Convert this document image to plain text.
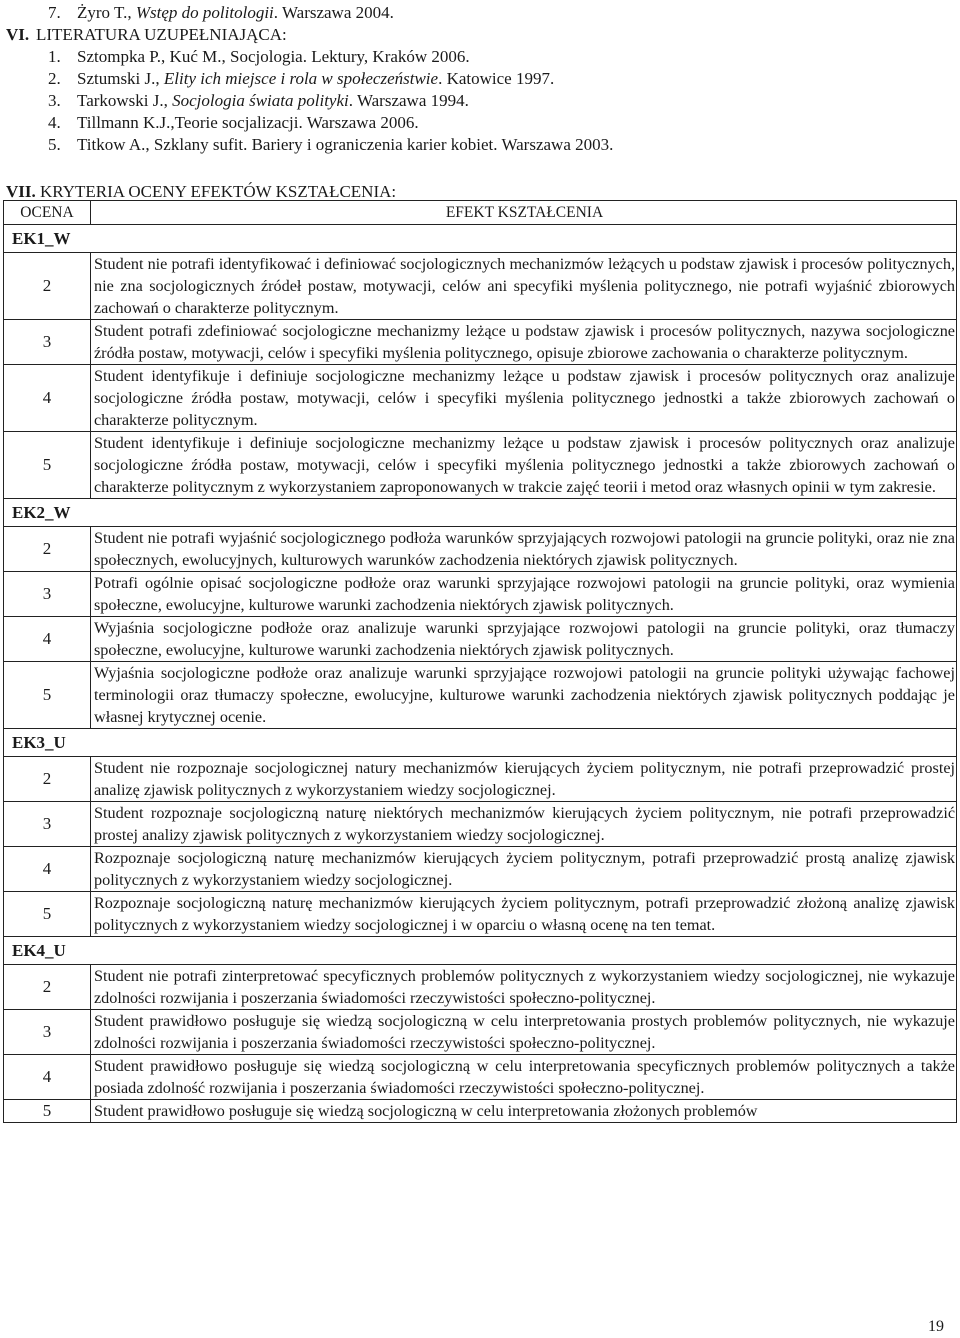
7. Żyro T., Wstęp do politologii. Warszawa 2004.
VI. LITERATURA UZUPEŁNIAJĄCA:
1. Sztompka P., Kuć M., Socjologia. Lektury, Kraków 2006.
2. Sztumski J., Elity ich miejsce i rola w społeczeństwie. Katowice 1997.
3. Tarkowski J., Socjologia świata polityki. Warszawa 1994.
4. Tillmann K.J.,Teorie socjalizacji. Warszawa 2006.
5. Titkow A., Szklany sufit. Bariery i ograniczenia karier kobiet. Warszawa 2003.
VII. KRYTERIA OCENY EFEKTÓW KSZTAŁCENIA:
OCENA	EFEKT KSZTAŁCENIA
EK1_W	
2	Student nie potrafi identyfikować i definiować socjologicznych mechanizmów leżących u podstaw zjawisk i procesów politycznych, nie zna socjologicznych źródeł postaw, motywacji, celów ani specyfiki myślenia politycznego, nie potrafi wyjaśnić zbiorowych zachowań o charakterze politycznym.
3	Student potrafi zdefiniować socjologiczne mechanizmy leżące u podstaw zjawisk i procesów politycznych, nazywa socjologiczne źródła postaw, motywacji, celów i specyfiki myślenia politycznego, opisuje zbiorowe zachowania o charakterze politycznym.
4	Student identyfikuje i definiuje socjologiczne mechanizmy leżące u podstaw zjawisk i procesów politycznych oraz analizuje socjologiczne źródła postaw, motywacji, celów i specyfiki myślenia politycznego jednostki a także zbiorowych zachowań o charakterze politycznym.
5	Student identyfikuje i definiuje socjologiczne mechanizmy leżące u podstaw zjawisk i procesów politycznych oraz analizuje socjologiczne źródła postaw, motywacji, celów i specyfiki myślenia politycznego jednostki a także zbiorowych zachowań o charakterze politycznym z wykorzystaniem zaproponowanych w trakcie zajęć teorii i metod oraz własnych opinii w tym zakresie.
EK2_W	
2	Student nie potrafi wyjaśnić socjologicznego podłoża warunków sprzyjających rozwojowi patologii na gruncie polityki, oraz nie zna społecznych, ewolucyjnych, kulturowych warunków zachodzenia niektórych zjawisk politycznych.
3	Potrafi ogólnie opisać socjologiczne podłoże oraz warunki sprzyjające rozwojowi patologii na gruncie polityki, oraz wymienia społeczne, ewolucyjne, kulturowe warunki zachodzenia niektórych zjawisk politycznych.
4	Wyjaśnia socjologiczne podłoże oraz analizuje warunki sprzyjające rozwojowi patologii na gruncie polityki, oraz tłumaczy społeczne, ewolucyjne, kulturowe warunki zachodzenia niektórych zjawisk politycznych.
5	Wyjaśnia socjologiczne podłoże oraz analizuje warunki sprzyjające rozwojowi patologii na gruncie polityki używając fachowej terminologii oraz tłumaczy społeczne, ewolucyjne, kulturowe warunki zachodzenia niektórych zjawisk politycznych poddając je własnej krytycznej ocenie.
EK3_U	
2	Student nie rozpoznaje socjologicznej natury mechanizmów kierujących życiem politycznym, nie potrafi przeprowadzić prostej analizę zjawisk politycznych z wykorzystaniem wiedzy socjologicznej.
3	Student rozpoznaje socjologiczną naturę niektórych mechanizmów kierujących życiem politycznym, nie potrafi przeprowadzić prostej analizy zjawisk politycznych z wykorzystaniem wiedzy socjologicznej.
4	Rozpoznaje socjologiczną naturę mechanizmów kierujących życiem politycznym, potrafi przeprowadzić prostą analizę zjawisk politycznych z wykorzystaniem wiedzy socjologicznej.
5	Rozpoznaje socjologiczną naturę mechanizmów kierujących życiem politycznym, potrafi przeprowadzić złożoną analizę zjawisk politycznych z wykorzystaniem wiedzy socjologicznej i w oparciu o własną ocenę na ten temat.
EK4_U	
2	Student nie potrafi zinterpretować specyficznych problemów politycznych z wykorzystaniem wiedzy socjologicznej, nie wykazuje zdolności rozwijania i poszerzania świadomości rzeczywistości społeczno-politycznej.
3	Student prawidłowo posługuje się wiedzą socjologiczną w celu interpretowania prostych problemów politycznych, nie wykazuje zdolności rozwijania i poszerzania świadomości rzeczywistości społeczno-politycznej.
4	Student prawidłowo posługuje się wiedzą socjologiczną w celu interpretowania specyficznych problemów politycznych a także posiada zdolność rozwijania i poszerzania świadomości rzeczywistości społeczno-politycznej.
5	Student prawidłowo posługuje się wiedzą socjologiczną w celu interpretowania złożonych problemów
19
